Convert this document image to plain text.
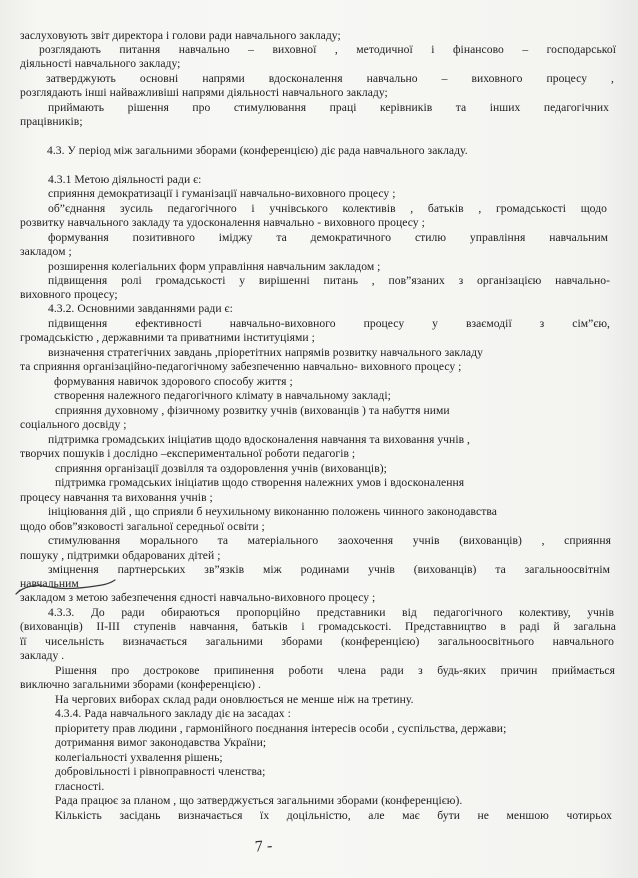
заслуховують звіт директора і голови ради навчального закладу;
розглядають питання навчально – виховної , методичної і фінансово – господарської
діяльності навчального закладу;
затверджують основні напрями вдосконалення навчально – виховного процесу ,
розглядають інші найважливіші напрями діяльності навчального закладу;
приймають рішення про стимулювання праці керівників та інших педагогічних
працівників;
4.3. У період між загальними зборами (конференцією) діє рада навчального закладу.
4.3.1 Метою діяльності ради є:
сприяння демократизації і гуманізації навчально-виховного процесу ;
об”єднання зусиль педагогічного і учнівського колективів , батьків , громадськості щодо
розвитку навчального закладу та удосконалення навчально - виховного процесу ;
формування позитивного іміджу та демократичного стилю управління навчальним
закладом ;
розширення колегіальних форм управління навчальним закладом ;
підвищення ролі громадськості у вирішенні питань , пов”язаних з організацією навчально-
виховного процесу;
4.3.2. Основними завданнями ради є:
підвищення ефективності навчально-виховного процесу у взаємодії з сім”єю,
громадськістю , державними та приватними інституціями ;
визначення стратегічних завдань ,пріоретітних напрямів розвитку навчального закладу
та сприяння організаційно-педагогічному забезпеченню навчально- виховного процесу ;
формування навичок здорового способу життя ;
створення належного педагогічного клімату в навчальному закладі;
сприяння духовному , фізичному розвитку учнів (вихованців ) та набуття ними
соціального досвіду ;
підтримка громадських ініціатив щодо вдосконалення навчання та виховання учнів ,
творчих пошуків і дослідно –експериментальної роботи педагогів ;
сприяння організації дозвілля та оздоровлення учнів (вихованців);
підтримка громадських ініціатив щодо створення належних умов і вдосконалення
процесу навчання та виховання учнів ;
ініціювання дій , що сприяли б неухильному виконанню положень чинного законодавства
щодо обов”язковості загальної середньої освіти ;
стимулювання морального та матеріального заохочення учнів (вихованців) , сприяння
пошуку , підтримки обдарованих дітей ;
зміцнення партнерських зв”язків між родинами учнів (вихованців) та загальноосвітнім
навчальним
закладом з метою забезпечення єдності навчально-виховного процесу ;
4.3.3. До ради обираються пропорційно представники від педагогічного колективу, учнів
(вихованців) ІІ-ІІІ ступенів навчання, батьків і громадськості. Представництво в раді й загальна
її чисельність визначається загальними зборами (конференцією) загальноосвітнього навчального
закладу .
Рішення про дострокове припинення роботи члена ради з будь-яких причин приймається
виключно загальними зборами (конференцією) .
На чергових виборах склад ради оновлюється не менше ніж на третину.
4.3.4. Рада навчального закладу діє на засадах :
пріоритету прав людини , гармонійного поєднання інтересів особи , суспільства, держави;
дотримання вимог законодавства України;
колегіальності ухвалення рішень;
добровільності і рівноправності членства;
гласності.
Рада працює за планом , що затверджується загальними зборами (конференцією).
Кількість засідань визначається їх доцільністю, але має бути не меншою чотирьох
7 -
